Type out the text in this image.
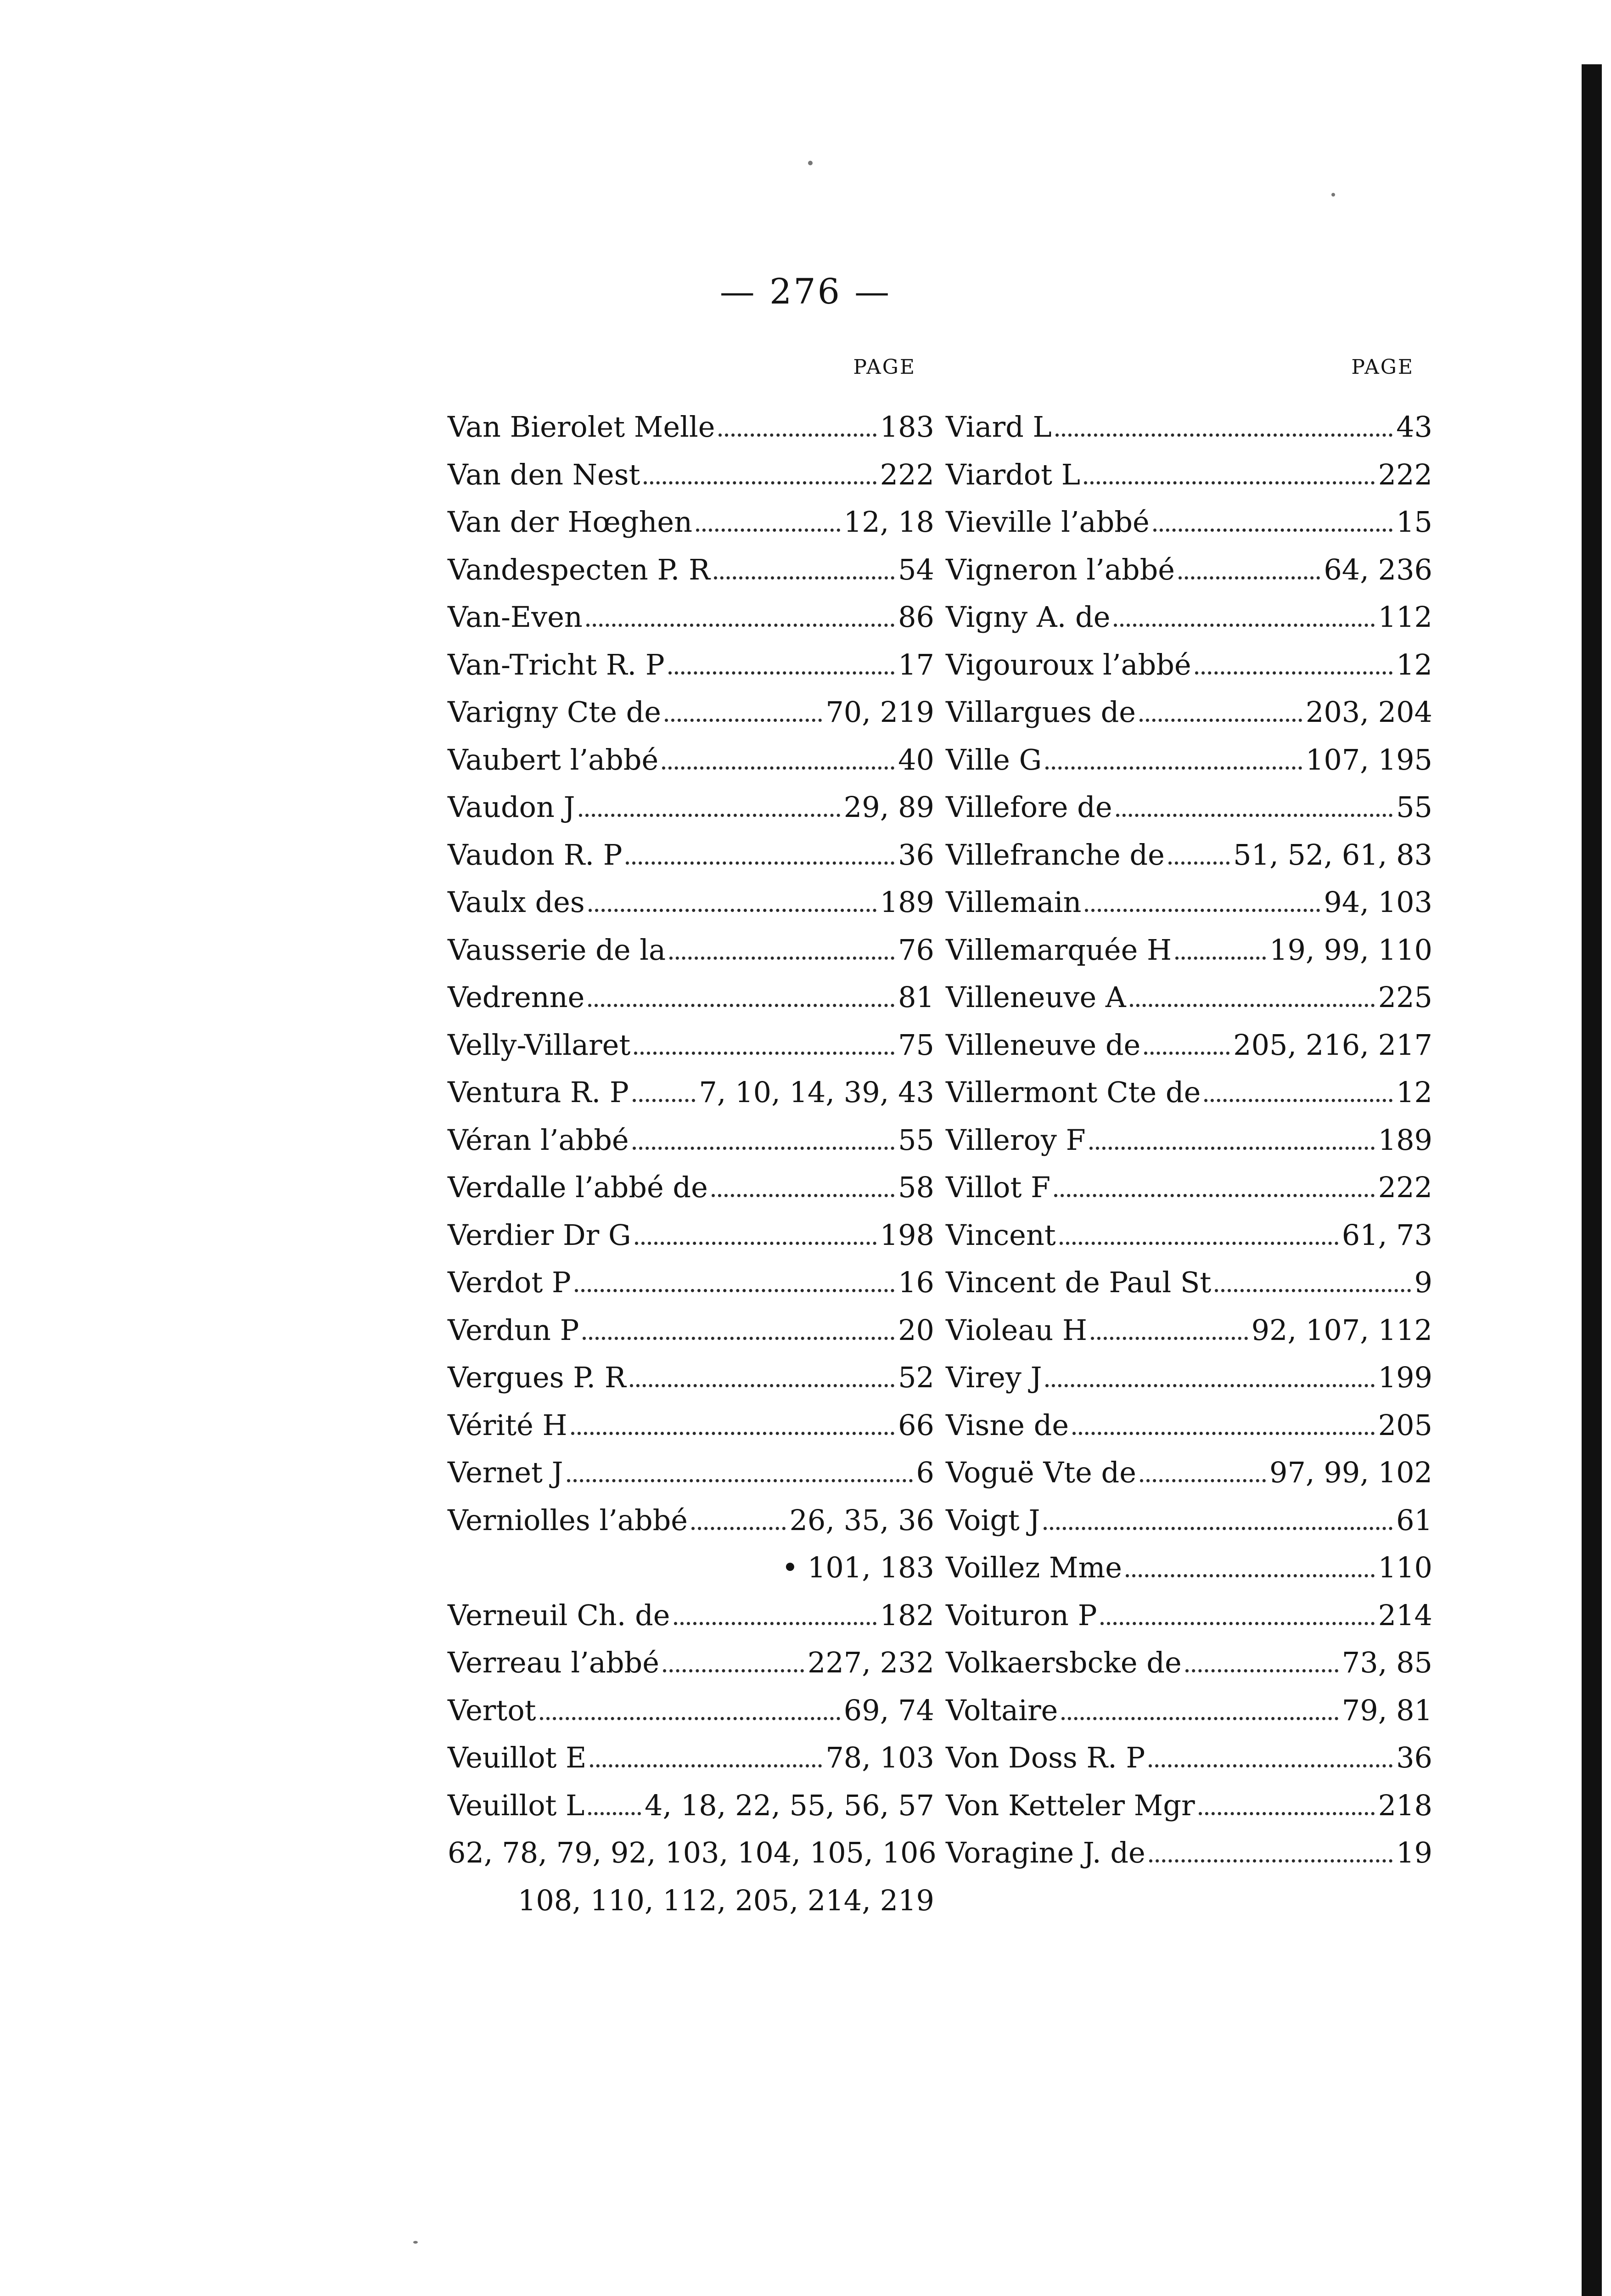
— 276 —
PAGE
Van Bierolet Melle	183
Van den Nest	222
Van der Hœghen	12, 18
Vandespecten P. R	54
Van-Even	86
Van-Tricht R. P	17
Varigny Cte de	70, 219
Vaubert l’abbé	40
Vaudon J	29, 89
Vaudon R. P	36
Vaulx des	189
Vausserie de la	76
Vedrenne	81
Velly-Villaret	75
Ventura R. P 7, 10, 14, 39, 43
Véran l’abbé	55
Verdalle l’abbé de	58
Verdier Dr G	198
Verdot P	16
Verdun P	20
Vergues P. R	52
Vérité H	66
Vernet J	6
Verniolles l’abbé	26, 35, 36
• 101, 183
Verneuil Ch. de	182
Verreau l’abbé	227, 232
Vertot	69, 74
Veuillot E	78, 103
Veuillot L 4, 18, 22, 55, 56, 57
62, 78, 79, 92, 103, 104, 105, 106
108, 110, 112, 205, 214, 219
PAGE
Viard L	43
Viardot L	222
Vieville l’abbé	15
Vigneron l’abbé	64, 236
Vigny A. de	112
Vigouroux l’abbé	12
Villargues de	203, 204
Ville G	107, 195
Villefore de	55
Villefranche de 51, 52, 61, 83
Villemain	94, 103
Villemarquée H	19, 99, 110
Villeneuve A	225
Villeneuve de	205, 216, 217
Villermont Cte de	12
Villeroy F	189
Villot F	222
Vincent	61, 73
Vincent de Paul St	9
Violeau H	92, 107, 112
Virey J	199
Visne de	205
Voguë Vte de	97, 99, 102
Voigt J	61
Voillez Mme	110
Voituron P	214
Volkaersbcke de	73, 85
Voltaire	79, 81
Von Doss R. P	36
Von Ketteler Mgr	218
Voragine J. de	19
